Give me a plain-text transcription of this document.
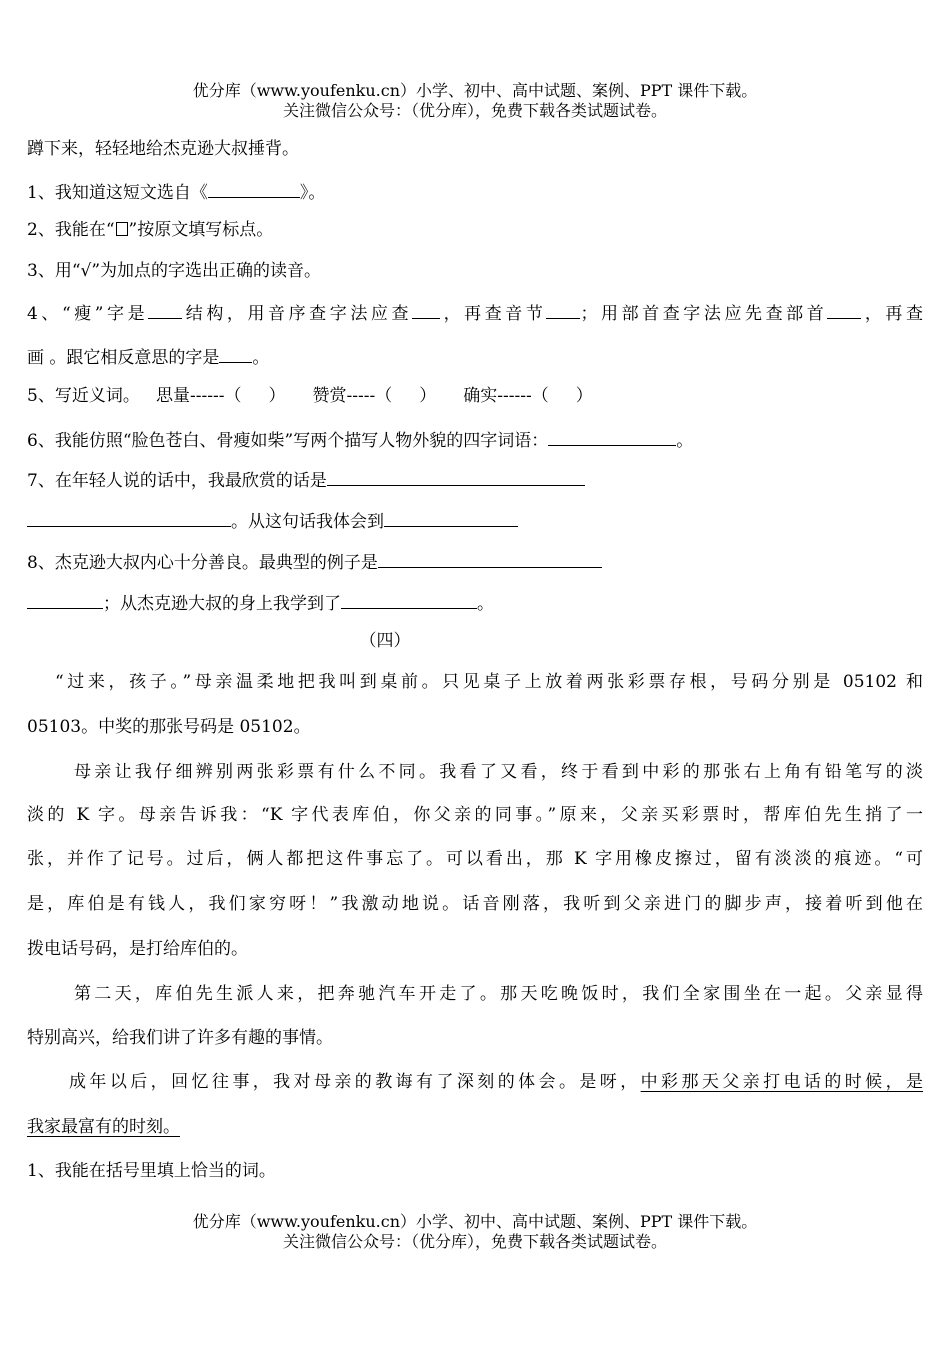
优分库（www.youfenku.cn）小学、初中、高中试题、案例、PPT 课件下载。
关注微信公众号：（优分库），免费下载各类试题试卷。
蹲下来，轻轻地给杰克逊大叔捶背。
1、我知道这短文选自《	》。
2、我能在“ ”按原文填写标点。
3、用“√”为加点的字选出正确的读音。
4、“瘦”字是 结构，用音序查字法应查 ，再查音节 ；用部首查字法应先查部首 ，再查
画 。跟它相反意思的字是 。
5、写近义词。   思量------（     ）     赞赏-----（     ）     确实------（     ）
6、我能仿照“脸色苍白、骨瘦如柴”写两个描写人物外貌的四字词语：	。
7、在年轻人说的话中，我最欣赏的话是
。从这句话我体会到
8、杰克逊大叔内心十分善良。最典型的例子是
；从杰克逊大叔的身上我学到了	。
（四）
“过来，孩子。”母亲温柔地把我叫到桌前。只见桌子上放着两张彩票存根，号码分别是 05102 和
05103。中奖的那张号码是 05102。
母亲让我仔细辨别两张彩票有什么不同。我看了又看，终于看到中彩的那张右上角有铅笔写的淡
淡的 K 字。母亲告诉我：“K 字代表库伯，你父亲的同事。”原来，父亲买彩票时，帮库伯先生捎了一
张，并作了记号。过后，俩人都把这件事忘了。可以看出，那 K 字用橡皮擦过，留有淡淡的痕迹。“可
是，库伯是有钱人，我们家穷呀！”我激动地说。话音刚落，我听到父亲进门的脚步声，接着听到他在
拨电话号码，是打给库伯的。
第二天，库伯先生派人来，把奔驰汽车开走了。那天吃晚饭时，我们全家围坐在一起。父亲显得
特别高兴，给我们讲了许多有趣的事情。
成年以后，回忆往事，我对母亲的教诲有了深刻的体会。是呀，中彩那天父亲打电话的时候，是
我家最富有的时刻。
1、我能在括号里填上恰当的词。
优分库（www.youfenku.cn）小学、初中、高中试题、案例、PPT 课件下载。
关注微信公众号：（优分库），免费下载各类试题试卷。
